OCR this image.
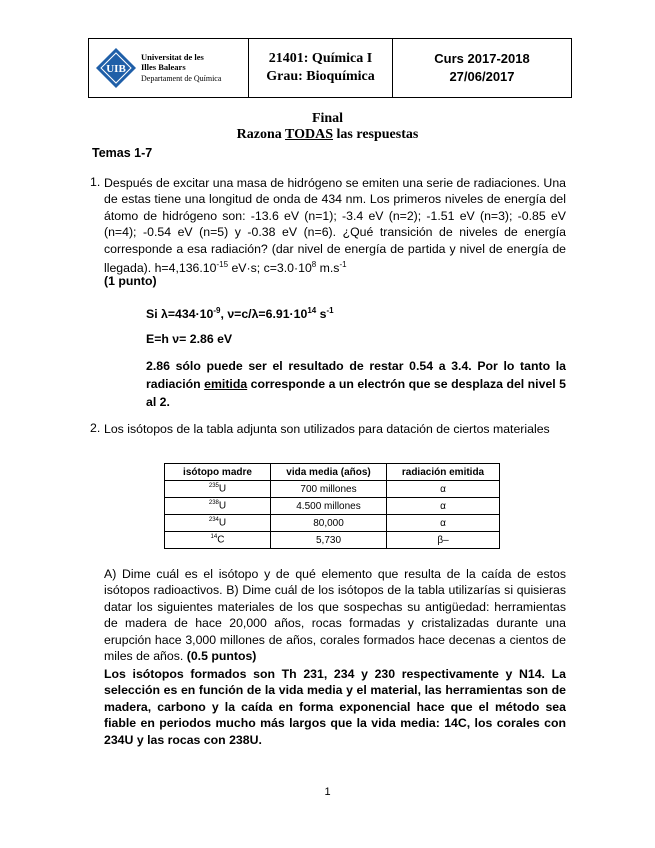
UIB
Universitat de les
Illes Balears
Departament de Química
21401: Química I
Grau: Bioquímica
Curs 2017-2018
27/06/2017
Final
Razona TODAS las respuestas
Temas 1-7
1. Después de excitar una masa de hidrógeno se emiten una serie de radiaciones. Una de estas tiene una longitud de onda de 434 nm. Los primeros niveles de energía del átomo de hidrógeno son: -13.6 eV (n=1); -3.4 eV (n=2); -1.51 eV (n=3); -0.85 eV (n=4); -0.54 eV (n=5) y -0.38 eV (n=6). ¿Qué transición de niveles de energía corresponde a esa radiación? (dar nivel de energía de partida y nivel de energía de llegada). $h=4,136.10^{-15}$ eV·s; $c=3.0\cdot 10^8$ $m.s^{-1}$
(1 punto)
Si $\lambda=434\cdot 10^{-9}$, $\nu=c/\lambda=6.91\cdot 10^{14}$ $s^{-1}$
E=h ν= 2.86 eV
2.86 sólo puede ser el resultado de restar 0.54 a 3.4. Por lo tanto la radiación emitida corresponde a un electrón que se desplaza del nivel 5 al 2.
2. Los isótopos de la tabla adjunta son utilizados para datación de ciertos materiales
isótopo madre	vida media (años)	radiación emitida
$^{235}$U	700 millones	α
$^{238}$U	4.500 millones	α
$^{234}$U	80,000	α
$^{14}$C	5,730	β–
A) Dime cuál es el isótopo y de qué elemento que resulta de la caída de estos isótopos radioactivos. B) Dime cuál de los isótopos de la tabla utilizarías si quisieras datar los siguientes materiales de los que sospechas su antigüedad: herramientas de madera de hace 20,000 años, rocas formadas y cristalizadas durante una erupción hace 3,000 millones de años, corales formados hace decenas a cientos de miles de años. (0.5 puntos)
Los isótopos formados son Th 231, 234 y 230 respectivamente y N14. La selección es en función de la vida media y el material, las herramientas son de madera, carbono y la caída en forma exponencial hace que el método sea fiable en periodos mucho más largos que la vida media: 14C, los corales con 234U y las rocas con 238U.
1
